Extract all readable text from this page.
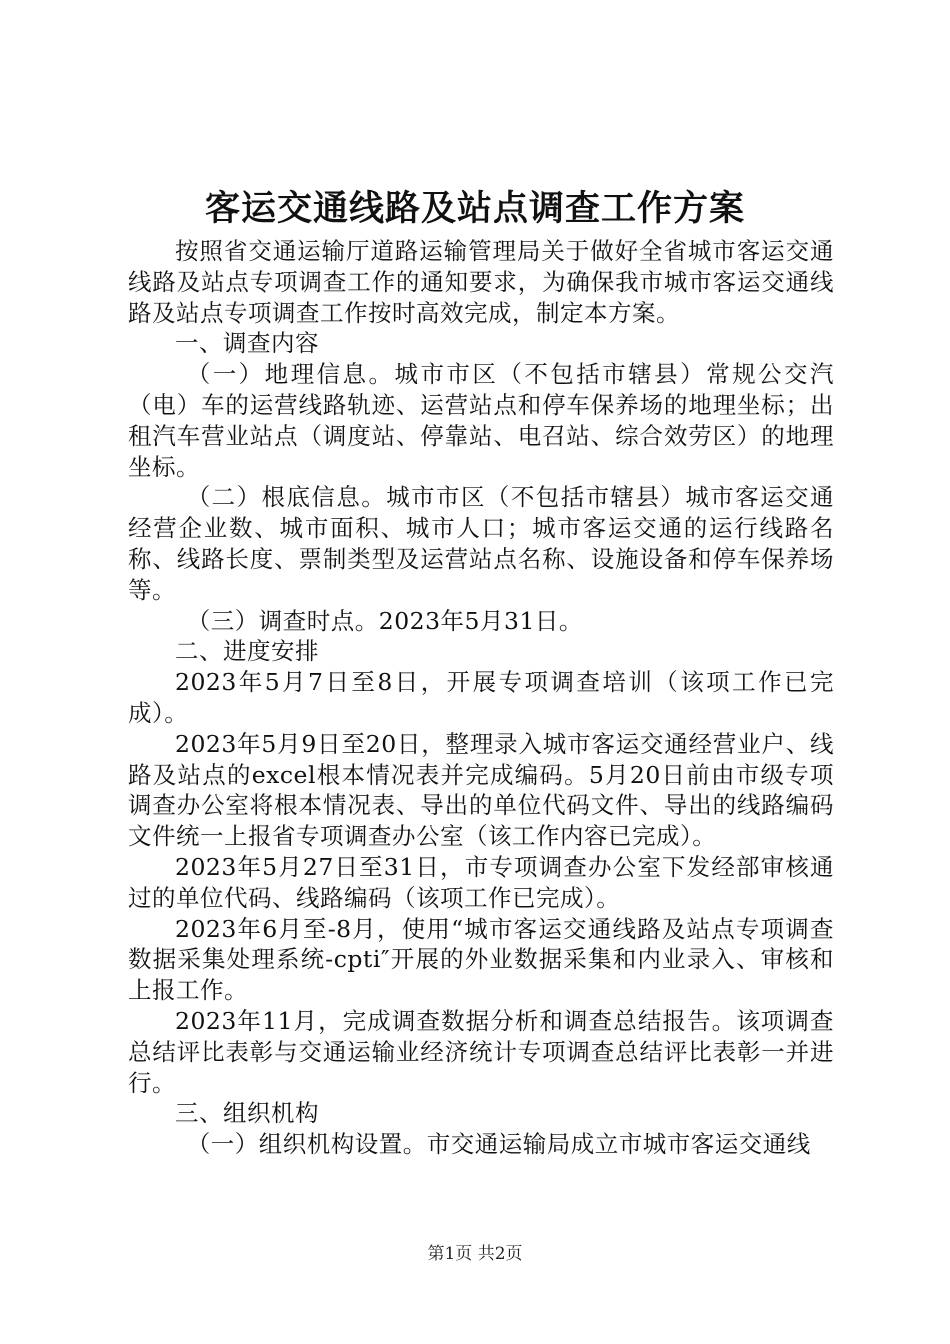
客运交通线路及站点调查工作方案

按照省交通运输厅道路运输管理局关于做好全省城市客运交通线路及站点专项调查工作的通知要求，为确保我市城市客运交通线路及站点专项调查工作按时高效完成，制定本方案。

一、调查内容

（一）地理信息。城市市区（不包括市辖县）常规公交汽（电）车的运营线路轨迹、运营站点和停车保养场的地理坐标；出租汽车营业站点（调度站、停靠站、电召站、综合效劳区）的地理坐标。

（二）根底信息。城市市区（不包括市辖县）城市客运交通经营企业数、城市面积、城市人口；城市客运交通的运行线路名称、线路长度、票制类型及运营站点名称、设施设备和停车保养场等。

（三）调查时点。2023年5月31日。

二、进度安排

2023年5月7日至8日，开展专项调查培训（该项工作已完成）。

2023年5月9日至20日，整理录入城市客运交通经营业户、线路及站点的excel根本情况表并完成编码。5月20日前由市级专项调查办公室将根本情况表、导出的单位代码文件、导出的线路编码文件统一上报省专项调查办公室（该工作内容已完成）。

2023年5月27日至31日，市专项调查办公室下发经部审核通过的单位代码、线路编码（该项工作已完成）。

2023年6月至-8月，使用“城市客运交通线路及站点专项调查数据采集处理系统-cpti″开展的外业数据采集和内业录入、审核和上报工作。

2023年11月，完成调查数据分析和调查总结报告。该项调查总结评比表彰与交通运输业经济统计专项调查总结评比表彰一并进行。

三、组织机构

（一）组织机构设置。市交通运输局成立市城市客运交通线

第1页 共2页
